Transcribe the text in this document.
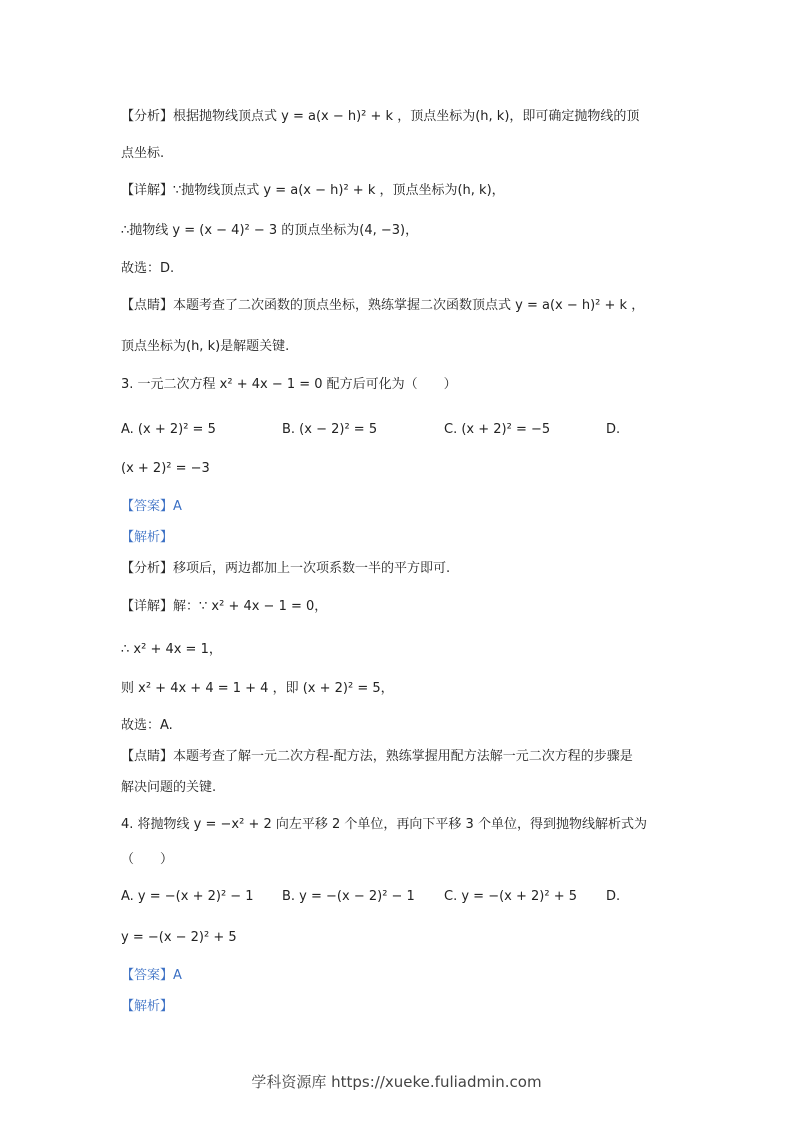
【分析】根据抛物线顶点式 y = a(x − h)² + k ，顶点坐标为(h, k)，即可确定抛物线的顶
点坐标.
【详解】∵抛物线顶点式 y = a(x − h)² + k ，顶点坐标为(h, k)，
∴抛物线 y = (x − 4)² − 3 的顶点坐标为(4, −3)，
故选：D.
【点睛】本题考查了二次函数的顶点坐标，熟练掌握二次函数顶点式 y = a(x − h)² + k ，
顶点坐标为(h, k)是解题关键.
3. 一元二次方程 x² + 4x − 1 = 0 配方后可化为（　　）
A. (x + 2)² = 5	B. (x − 2)² = 5	C. (x + 2)² = −5	D.
(x + 2)² = −3
【答案】A
【解析】
【分析】移项后，两边都加上一次项系数一半的平方即可.
【详解】解：∵ x² + 4x − 1 = 0，
∴ x² + 4x = 1，
则 x² + 4x + 4 = 1 + 4 ，即 (x + 2)² = 5，
故选：A.
【点睛】本题考查了解一元二次方程-配方法，熟练掌握用配方法解一元二次方程的步骤是
解决问题的关键.
4. 将抛物线 y = −x² + 2 向左平移 2 个单位，再向下平移 3 个单位，得到抛物线解析式为
（　　）
A. y = −(x + 2)² − 1 B. y = −(x − 2)² − 1 C. y = −(x + 2)² + 5 D.
y = −(x − 2)² + 5
【答案】A
【解析】
学科资源库 https://xueke.fuliadmin.com
